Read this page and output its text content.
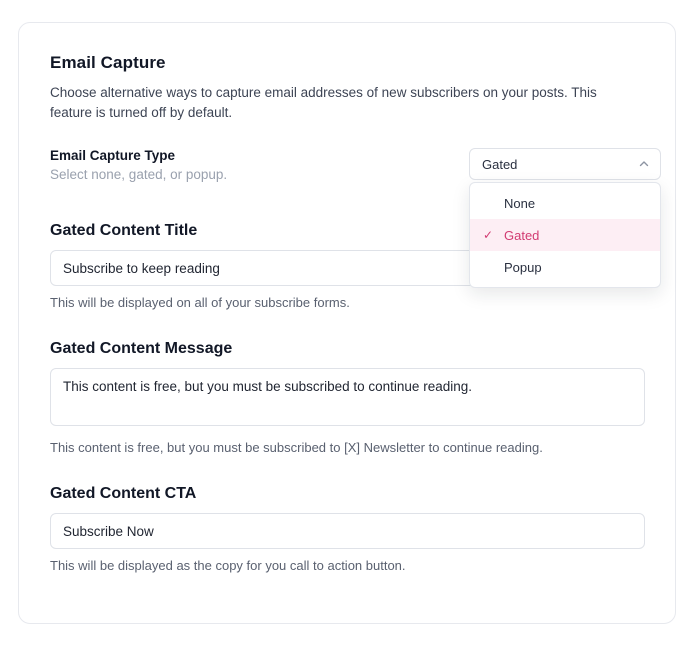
Email Capture

Choose alternative ways to capture email addresses of new subscribers on your posts. This feature is turned off by default.

Email Capture Type

Select none, gated, or popup.

Gated
None
✓ Gated
Popup
Gated Content Title
Subscribe to keep reading

This will be displayed on all of your subscribe forms.

Gated Content Message
This content is free, but you must be subscribed to continue reading.

This content is free, but you must be subscribed to [X] Newsletter to continue reading.

Gated Content CTA
Subscribe Now

This will be displayed as the copy for you call to action button.
